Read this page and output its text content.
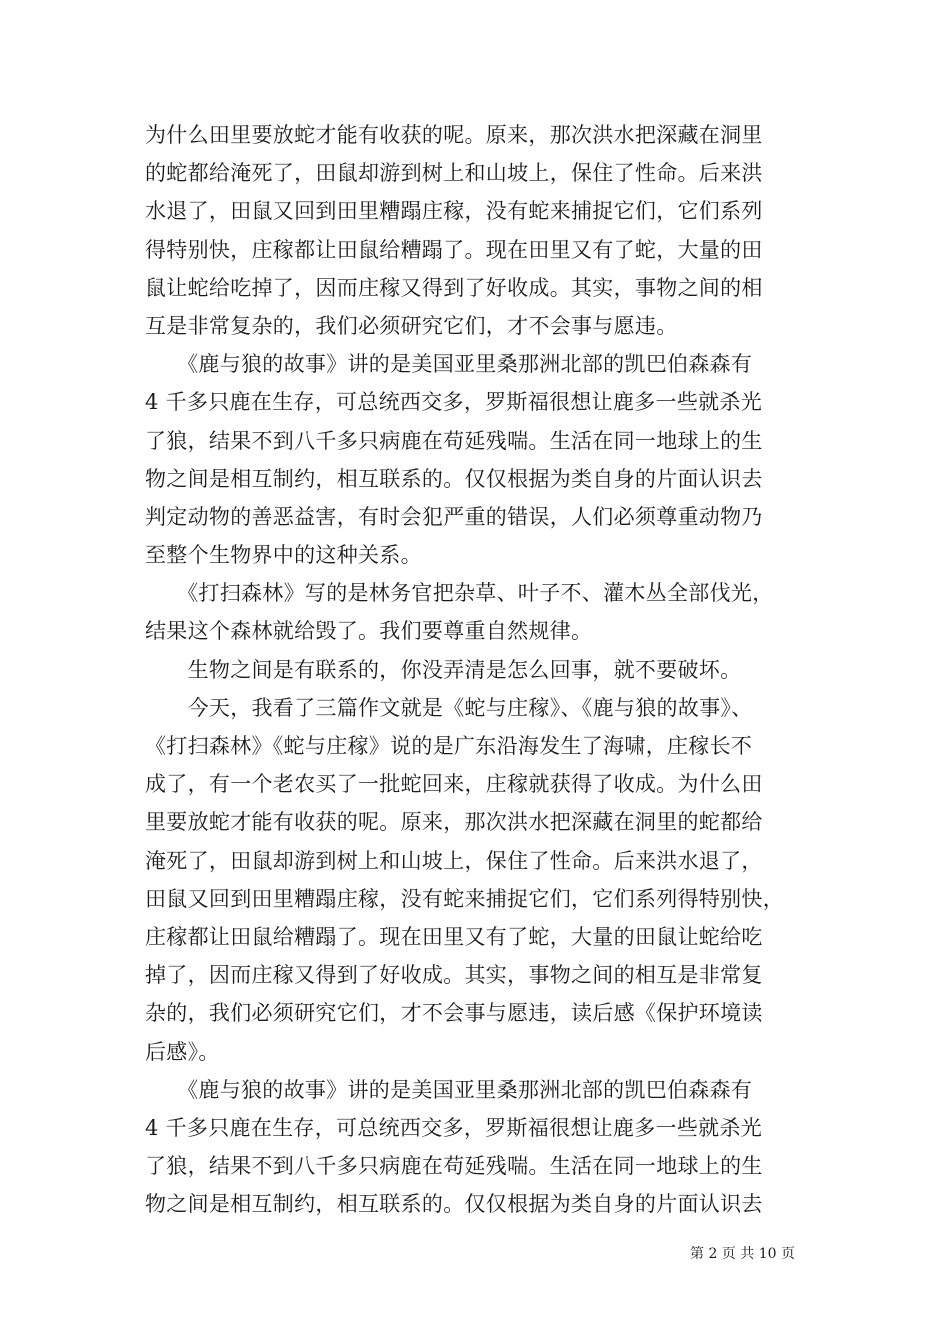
为什么田里要放蛇才能有收获的呢。原来，那次洪水把深藏在洞里
的蛇都给淹死了，田鼠却游到树上和山坡上，保住了性命。后来洪
水退了，田鼠又回到田里糟蹋庄稼，没有蛇来捕捉它们，它们系列
得特别快，庄稼都让田鼠给糟蹋了。现在田里又有了蛇，大量的田
鼠让蛇给吃掉了，因而庄稼又得到了好收成。其实，事物之间的相
互是非常复杂的，我们必须研究它们，才不会事与愿违。
　　《鹿与狼的故事》讲的是美国亚里桑那洲北部的凯巴伯森森有
4 千多只鹿在生存，可总统西交多，罗斯福很想让鹿多一些就杀光
了狼，结果不到八千多只病鹿在苟延残喘。生活在同一地球上的生
物之间是相互制约，相互联系的。仅仅根据为类自身的片面认识去
判定动物的善恶益害，有时会犯严重的错误，人们必须尊重动物乃
至整个生物界中的这种关系。
　　《打扫森林》写的是林务官把杂草、叶子不、灌木丛全部伐光，
结果这个森林就给毁了。我们要尊重自然规律。
　　生物之间是有联系的，你没弄清是怎么回事，就不要破坏。
　　今天，我看了三篇作文就是《蛇与庄稼》、《鹿与狼的故事》、
《打扫森林》《蛇与庄稼》说的是广东沿海发生了海啸，庄稼长不
成了，有一个老农买了一批蛇回来，庄稼就获得了收成。为什么田
里要放蛇才能有收获的呢。原来，那次洪水把深藏在洞里的蛇都给
淹死了，田鼠却游到树上和山坡上，保住了性命。后来洪水退了，
田鼠又回到田里糟蹋庄稼，没有蛇来捕捉它们，它们系列得特别快，
庄稼都让田鼠给糟蹋了。现在田里又有了蛇，大量的田鼠让蛇给吃
掉了，因而庄稼又得到了好收成。其实，事物之间的相互是非常复
杂的，我们必须研究它们，才不会事与愿违，读后感《保护环境读
后感》。
　　《鹿与狼的故事》讲的是美国亚里桑那洲北部的凯巴伯森森有
4 千多只鹿在生存，可总统西交多，罗斯福很想让鹿多一些就杀光
了狼，结果不到八千多只病鹿在苟延残喘。生活在同一地球上的生
物之间是相互制约，相互联系的。仅仅根据为类自身的片面认识去
第 2 页 共 10 页
